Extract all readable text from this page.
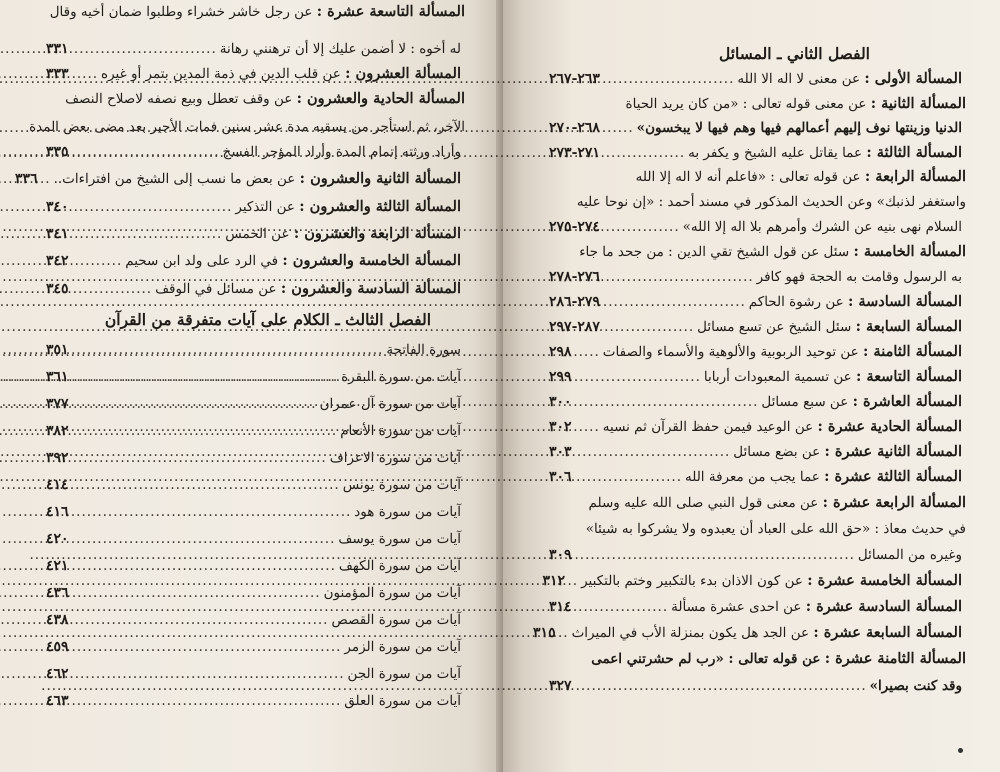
المسألة التاسعة عشرة : عن رجل خاشر خشراء وطلبوا ضمان أخيه وقال
له أخوه : لا أضمن عليك إلا أن ترهنني رهانة
.....
٣٣١
المسألة العشرون : عن قلب الدين في ذمة المدين بتمر أو غيره
.....
٣٣٣
المسألة الحادية والعشرون : عن وقف تعطل وبيع نصفه لاصلاح النصف
الآخر، ثم استأجر من يسقيه مدة عشر سنين فمات الأجير بعد مضى بعض المدة
وأراد ورثته إتمام المدة وأراد المؤجر الفسخ
.....
٣٣٥
المسألة الثانية والعشرون : عن بعض ما نسب إلى الشيخ من افتراءات..
.....
٣٣٦
المسألة الثالثة والعشرون : عن التذكير
.....
٣٤٠
المسألة الرابعة والعشرون : عن الخمس
.....
٣٤١
المسألة الخامسة والعشرون : في الرد على ولد ابن سحيم
.....
٣٤٢
المسألة السادسة والعشرون : عن مسائل في الوقف
.....
٣٤٥
الفصل الثالث ـ الكلام على آيات متفرقة من القرآن
سورة الفاتحة
.....
٣٥١
آيات من سورة البقرة
.....
٣٦١
آيات من سورة آل عمران
.....
٣٧٧
آيات من سورة الأنعام
.....
٣٨٢
آيات من سورة الاعراف
.....
٣٩٢
آيات من سورة يونس
.....
٤١٤
آيات من سورة هود
.....
٤١٦
آيات من سورة يوسف
.....
٤٢٠
آيات من سورة الكهف
.....
٤٢١
آيات من سورة المؤمنون
.....
٤٣٦
آيات من سورة القصص
.....
٤٣٨
آيات من سورة الزمر
.....
٤٥٩
آيات من سورة الجن
.....
٤٦٢
آيات من سورة العلق
.....
٤٦٣
الفصل الثاني ـ المسائل
المسألة الأولى : عن معنى لا اله الا الله
.....
٢٦٣-٢٦٧
المسألة الثانية : عن معنى قوله تعالى : «من كان يريد الحياة
الدنيا وزينتها نوف إليهم أعمالهم فيها وهم فيها لا يبخسون»
.....
٢٦٨-٢٧٠
المسألة الثالثة : عما يقاتل عليه الشيخ و يكفر به
.....
٢٧١-٢٧٣
المسألة الرابعة : عن قوله تعالى : «فاعلم أنه لا اله إلا الله
واستغفر لذنبك» وعن الحديث المذكور في مسند أحمد : «إن نوحا عليه
السلام نهى بنيه عن الشرك وأمرهم بلا اله إلا الله»
.....
٢٧٤-٢٧٥
المسألة الخامسة : سئل عن قول الشيخ تقي الدين : من جحد ما جاء
به الرسول وقامت به الحجة فهو كافر
.....
٢٧٦-٢٧٨
المسألة السادسة : عن رشوة الحاكم
.....
٢٧٩-٢٨٦
المسألة السابعة : سئل الشيخ عن تسع مسائل
.....
٢٨٧-٢٩٧
المسألة الثامنة : عن توحيد الربوبية والألوهية والأسماء والصفات
.....
٢٩٨
المسألة التاسعة : عن تسمية المعبودات أربابا
.....
٢٩٩
المسألة العاشرة : عن سبع مسائل
.....
٣٠٠
المسألة الحادية عشرة : عن الوعيد فيمن حفظ القرآن ثم نسيه
.....
٣٠٢
المسألة الثانية عشرة : عن بضع مسائل
.....
٣٠٣
المسألة الثالثة عشرة : عما يجب من معرفة الله
.....
٣٠٦
المسألة الرابعة عشرة : عن معنى قول النبي صلى الله عليه وسلم
في حديث معاذ : «حق الله على العباد أن يعبدوه ولا يشركوا به شيئا»
وغيره من المسائل
.....
٣٠٩
المسألة الخامسة عشرة : عن كون الاذان بدء بالتكبير وختم بالتكبير
.....
٣١٢
المسألة السادسة عشرة : عن احدى عشرة مسألة
.....
٣١٤
المسألة السابعة عشرة : عن الجد هل يكون بمنزلة الأب في الميراث
.....
٣١٥
المسألة الثامنة عشرة : عن قوله تعالى : «رب لم حشرتني اعمى
وقد كنت بصيرا»
.....
٣٢٧
